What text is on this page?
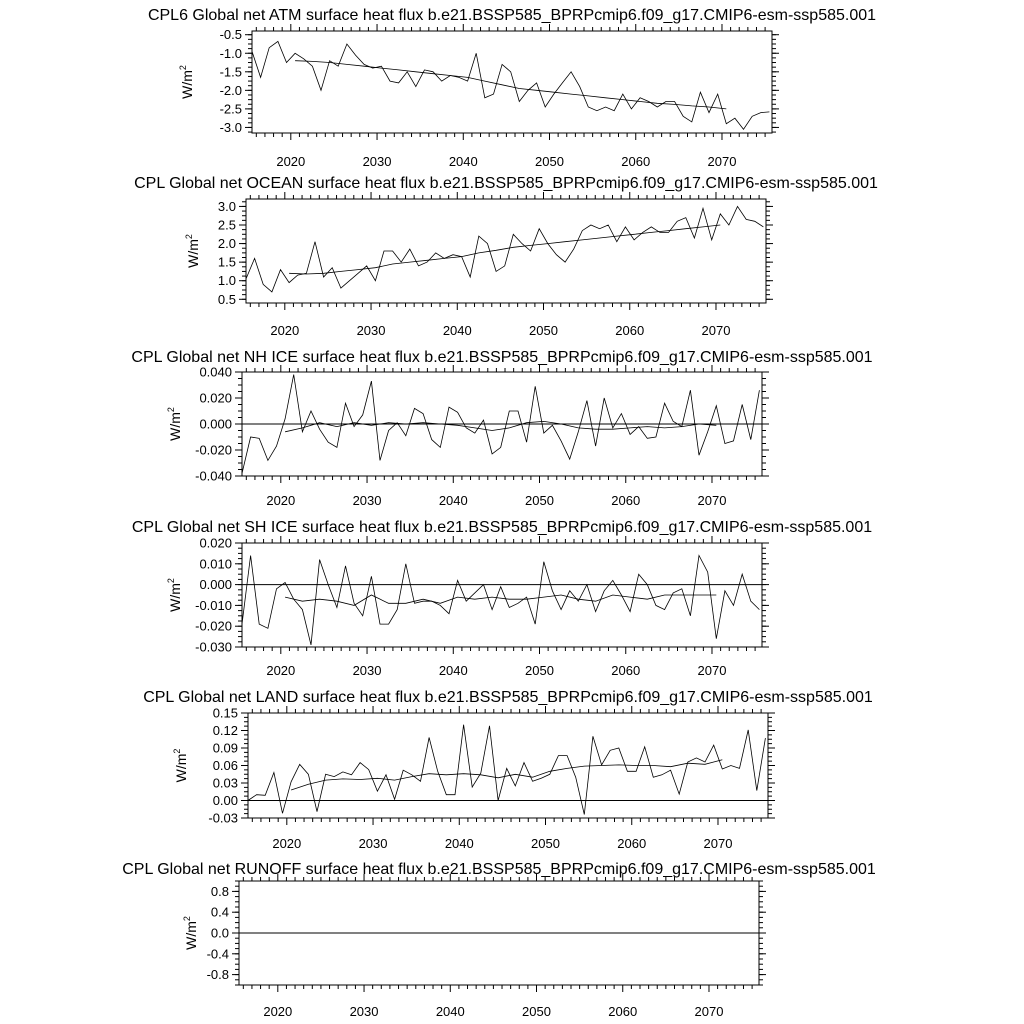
CPL6 Global net ATM surface heat flux b.e21.BSSP585_BPRPcmip6.f09_g17.CMIP6-esm-ssp585.001
2020	2030	2040	2050	2060	2070
-0.5
-1.0
-1.5
-2.0
-2.5
-3.0
$W/m^2$
CPL Global net OCEAN surface heat flux b.e21.BSSP585_BPRPcmip6.f09_g17.CMIP6-esm-ssp585.001
2020	2030	2040	2050	2060	2070
3.0
2.5
2.0
1.5
1.0
0.5
$W/m^2$
CPL Global net NH ICE surface heat flux b.e21.BSSP585_BPRPcmip6.f09_g17.CMIP6-esm-ssp585.001
2020	2030	2040	2050	2060	2070
0.040
0.020
0.000
-0.020
-0.040
$W/m^2$
CPL Global net SH ICE surface heat flux b.e21.BSSP585_BPRPcmip6.f09_g17.CMIP6-esm-ssp585.001
2020	2030	2040	2050	2060	2070
0.020
0.010
0.000
-0.010
-0.020
-0.030
$W/m^2$
CPL Global net LAND surface heat flux b.e21.BSSP585_BPRPcmip6.f09_g17.CMIP6-esm-ssp585.001
2020	2030	2040	2050	2060	2070
0.15
0.12
0.09
0.06
0.03
0.00
-0.03
$W/m^2$
CPL Global net RUNOFF surface heat flux b.e21.BSSP585_BPRPcmip6.f09_g17.CMIP6-esm-ssp585.001
2020	2030	2040	2050	2060	2070
0.8
0.4
0.0
-0.4
-0.8
$W/m^2$
